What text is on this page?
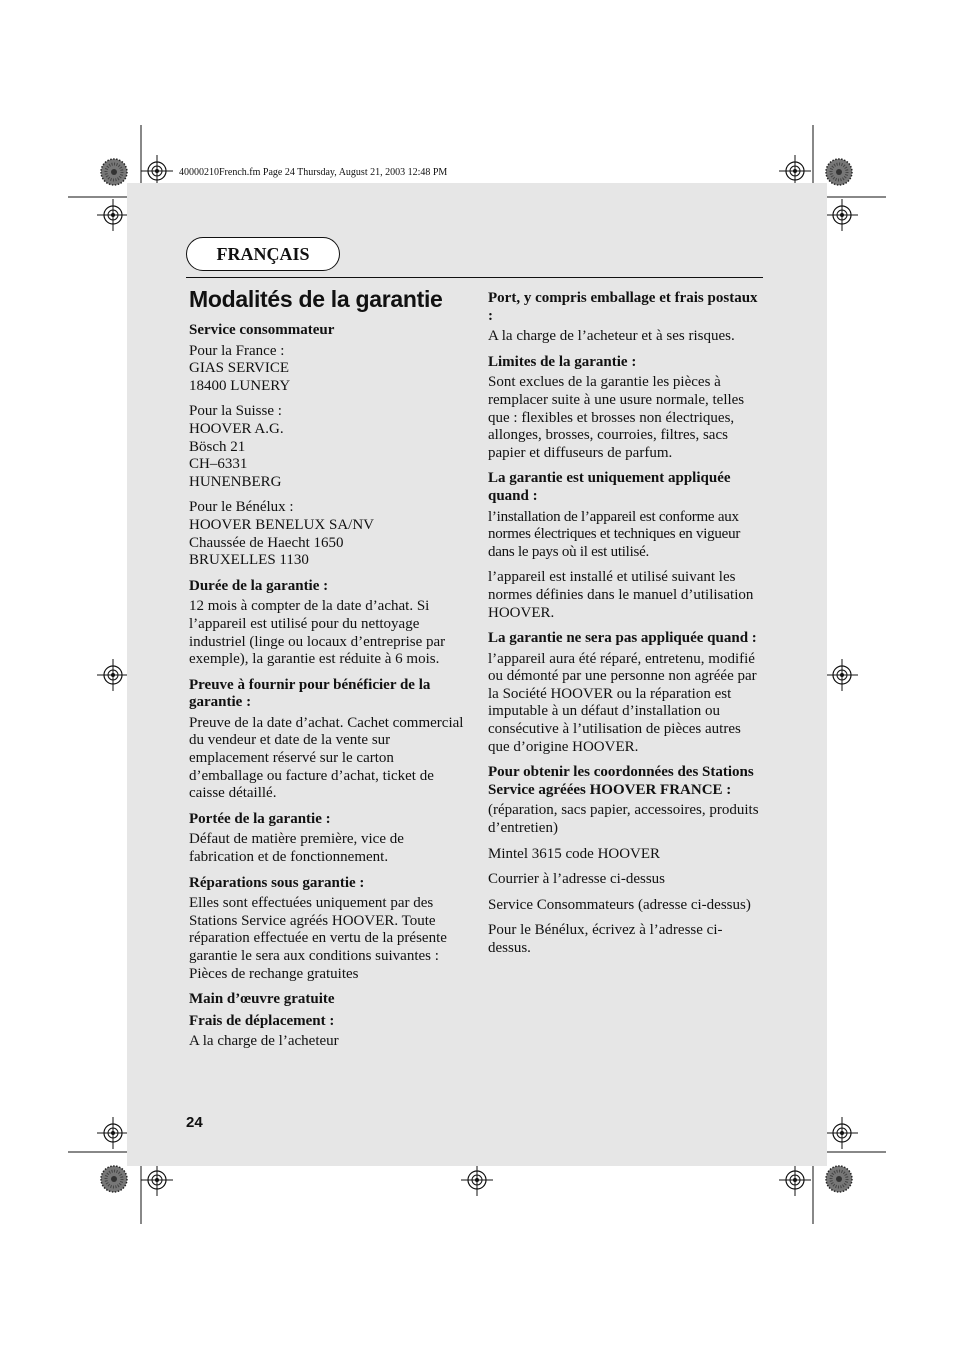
40000210French.fm Page 24 Thursday, August 21, 2003 12:48 PM
FRANÇAIS
Modalités de la garantie
Service consommateur
Pour la France :
GIAS SERVICE
18400 LUNERY
Pour la Suisse :
HOOVER A.G.
Bösch 21
CH–6331
HUNENBERG
Pour le Bénélux :
HOOVER BENELUX SA/NV
Chaussée de Haecht 1650
BRUXELLES 1130
Durée de la garantie :
12 mois à compter de la date d’achat. Si l’appareil est utilisé pour du nettoyage industriel (linge ou locaux d’entreprise par exemple), la garantie est réduite à 6 mois.
Preuve à fournir pour bénéficier de la garantie :
Preuve de la date d’achat. Cachet commercial du vendeur et date de la vente sur emplacement réservé sur le carton d’emballage ou facture d’achat, ticket de caisse détaillé.
Portée de la garantie :
Défaut de matière première, vice de fabrication et de fonctionnement.
Réparations sous garantie :
Elles sont effectuées uniquement par des Stations Service agréés HOOVER. Toute réparation effectuée en vertu de la présente garantie le sera aux conditions suivantes : Pièces de rechange gratuites
Main d’œuvre gratuite
Frais de déplacement :
A la charge de l’acheteur
Port, y compris emballage et frais postaux :
A la charge de l’acheteur et à ses risques.
Limites de la garantie :
Sont exclues de la garantie les pièces à remplacer suite à une usure normale, telles que : flexibles et brosses non électriques, allonges, brosses, courroies, filtres, sacs papier et diffuseurs de parfum.
La garantie est uniquement appliquée quand :
l’installation de l’appareil est conforme aux normes électriques et techniques en vigueur dans le pays où il est utilisé.
l’appareil est installé et utilisé suivant les normes définies dans le manuel d’utilisation HOOVER.
La garantie ne sera pas appliquée quand :
l’appareil aura été réparé, entretenu, modifié ou démonté par une personne non agréée par la Société HOOVER ou la réparation est imputable à un défaut d’installation ou consécutive à l’utilisation de pièces autres que d’origine HOOVER.
Pour obtenir les coordonnées des Stations Service agréées HOOVER FRANCE :
(réparation, sacs papier, accessoires, produits d’entretien)
Mintel 3615 code HOOVER
Courrier à l’adresse ci-dessus
Service Consommateurs (adresse ci-dessus)
Pour le Bénélux, écrivez à l’adresse ci-dessus.
24
